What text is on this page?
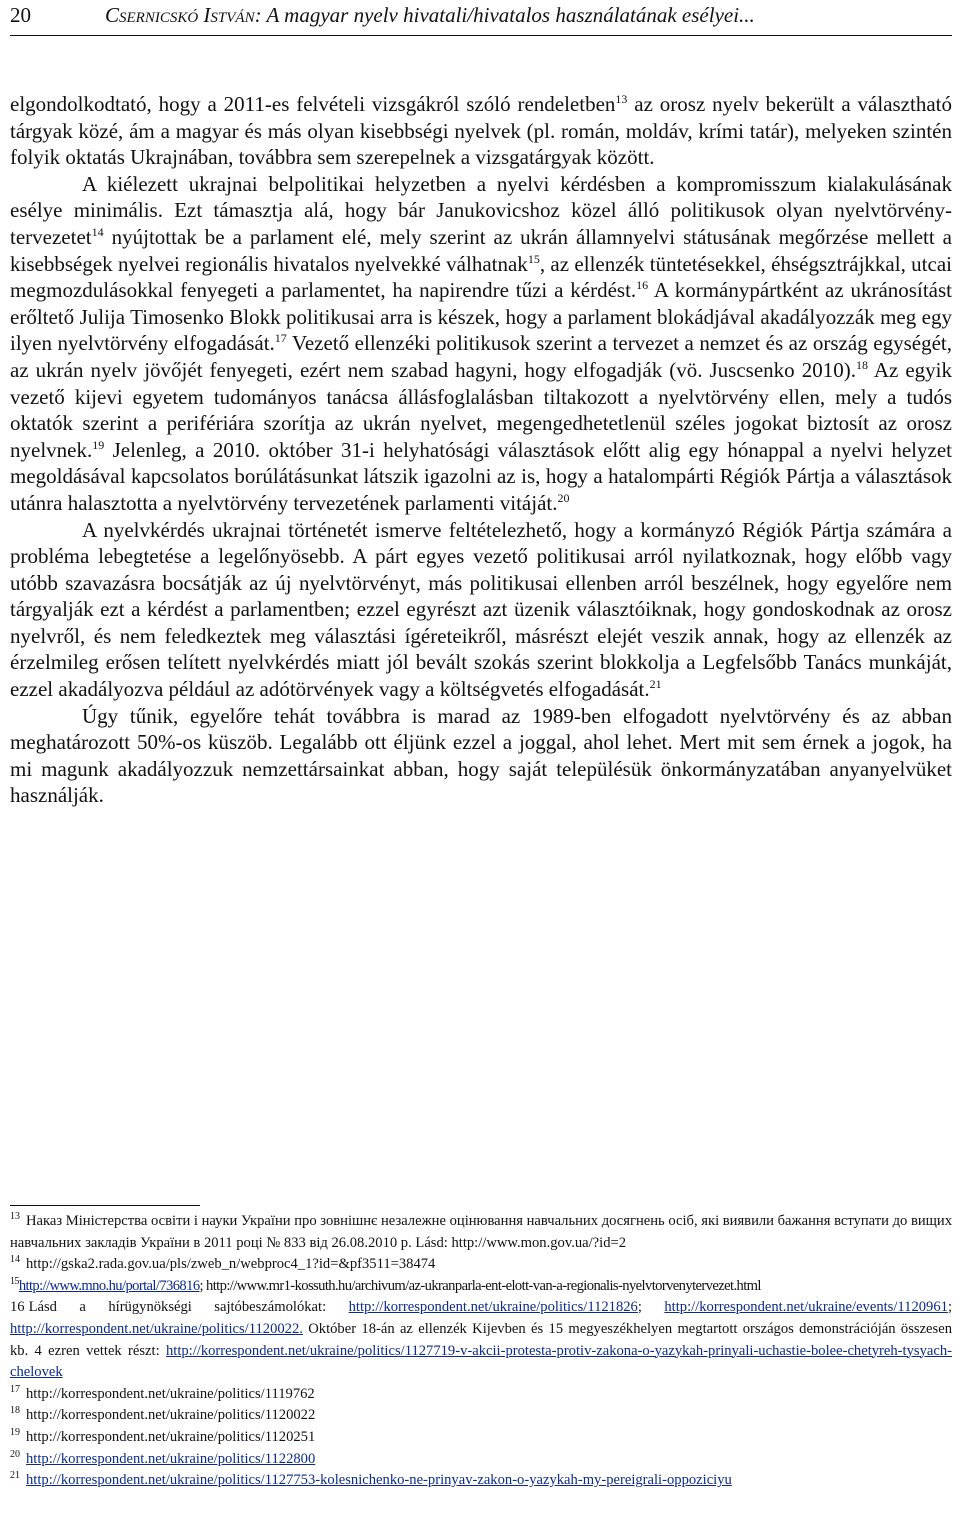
20	Csernicskó István: A magyar nyelv hivatali/hivatalos használatának esélyei...

elgondolkodtató, hogy a 2011-es felvételi vizsgákról szóló rendeletben$^{13}$ az orosz nyelv bekerült a választható tárgyak közé, ám a magyar és más olyan kisebbségi nyelvek (pl. román, moldáv, krími tatár), melyeken szintén folyik oktatás Ukrajnában, továbbra sem szerepelnek a vizsgatárgyak között.

A kiélezett ukrajnai belpolitikai helyzetben a nyelvi kérdésben a kompromisszum kialakulásának esélye minimális. Ezt támasztja alá, hogy bár Janukovicshoz közel álló politikusok olyan nyelvtörvény-tervezetet$^{14}$ nyújtottak be a parlament elé, mely szerint az ukrán államnyelvi státusának megőrzése mellett a kisebbségek nyelvei regionális hivatalos nyelvekké válhatnak$^{15}$, az ellenzék tüntetésekkel, éhségsztrájkkal, utcai megmozdulásokkal fenyegeti a parlamentet, ha napirendre tűzi a kérdést.$^{16}$ A kormánypártként az ukránosítást erőltető Julija Timosenko Blokk politikusai arra is készek, hogy a parlament blokádjával akadályozzák meg egy ilyen nyelvtörvény elfogadását.$^{17}$ Vezető ellenzéki politikusok szerint a tervezet a nemzet és az ország egységét, az ukrán nyelv jövőjét fenyegeti, ezért nem szabad hagyni, hogy elfogadják (vö. Juscsenko 2010).$^{18}$ Az egyik vezető kijevi egyetem tudományos tanácsa állásfoglalásban tiltakozott a nyelvtörvény ellen, mely a tudós oktatók szerint a perifériára szorítja az ukrán nyelvet, megengedhetetlenül széles jogokat biztosít az orosz nyelvnek.$^{19}$ Jelenleg, a 2010. október 31-i helyhatósági választások előtt alig egy hónappal a nyelvi helyzet megoldásával kapcsolatos borúlátásunkat látszik igazolni az is, hogy a hatalompárti Régiók Pártja a választások utánra halasztotta a nyelvtörvény tervezetének parlamenti vitáját.$^{20}$

A nyelvkérdés ukrajnai történetét ismerve feltételezhető, hogy a kormányzó Régiók Pártja számára a probléma lebegtetése a legelőnyösebb. A párt egyes vezető politikusai arról nyilatkoznak, hogy előbb vagy utóbb szavazásra bocsátják az új nyelvtörvényt, más politikusai ellenben arról beszélnek, hogy egyelőre nem tárgyalják ezt a kérdést a parlamentben; ezzel egyrészt azt üzenik választóiknak, hogy gondoskodnak az orosz nyelvről, és nem feledkeztek meg választási ígéreteikről, másrészt elejét veszik annak, hogy az ellenzék az érzelmileg erősen telített nyelvkérdés miatt jól bevált szokás szerint blokkolja a Legfelsőbb Tanács munkáját, ezzel akadályozva például az adótörvények vagy a költségvetés elfogadását.$^{21}$

Úgy tűnik, egyelőre tehát továbbra is marad az 1989-ben elfogadott nyelvtörvény és az abban meghatározott 50%-os küszöb. Legalább ott éljünk ezzel a joggal, ahol lehet. Mert mit sem érnek a jogok, ha mi magunk akadályozzuk nemzettársainkat abban, hogy saját településük önkormányzatában anyanyelvüket használják.

$^{13}$ Наказ Міністерства освіти і науки України про зовнішнє незалежне оцінювання навчальних досягнень осіб, які виявили бажання вступати до вищих навчальних закладів України в 2011 році № 833 від 26.08.2010 р. Lásd: http://www.mon.gov.ua/?id=2

$^{14}$ http://gska2.rada.gov.ua/pls/zweb_n/webproc4_1?id=&pf3511=38474

$^{15}$http://www.mno.hu/portal/736816; http://www.mr1-kossuth.hu/archivum/az-ukranparla-ent-elott-van-a-regionalis-nyelvtorvenytervezet.html

16 Lásd a hírügynökségi sajtóbeszámolókat: http://korrespondent.net/ukraine/politics/1121826; http://korrespondent.net/ukraine/events/1120961; http://korrespondent.net/ukraine/politics/1120022. Október 18-án az ellenzék Kijevben és 15 megyeszékhelyen megtartott országos demonstrációján összesen kb. 4 ezren vettek részt: http://korrespondent.net/ukraine/politics/1127719-v-akcii-protesta-protiv-zakona-o-yazykah-prinyali-uchastie-bolee-chetyreh-tysyach-chelovek

$^{17}$ http://korrespondent.net/ukraine/politics/1119762

$^{18}$ http://korrespondent.net/ukraine/politics/1120022

$^{19}$ http://korrespondent.net/ukraine/politics/1120251

$^{20}$ http://korrespondent.net/ukraine/politics/1122800

$^{21}$ http://korrespondent.net/ukraine/politics/1127753-kolesnichenko-ne-prinyav-zakon-o-yazykah-my-pereigrali-oppoziciyu
